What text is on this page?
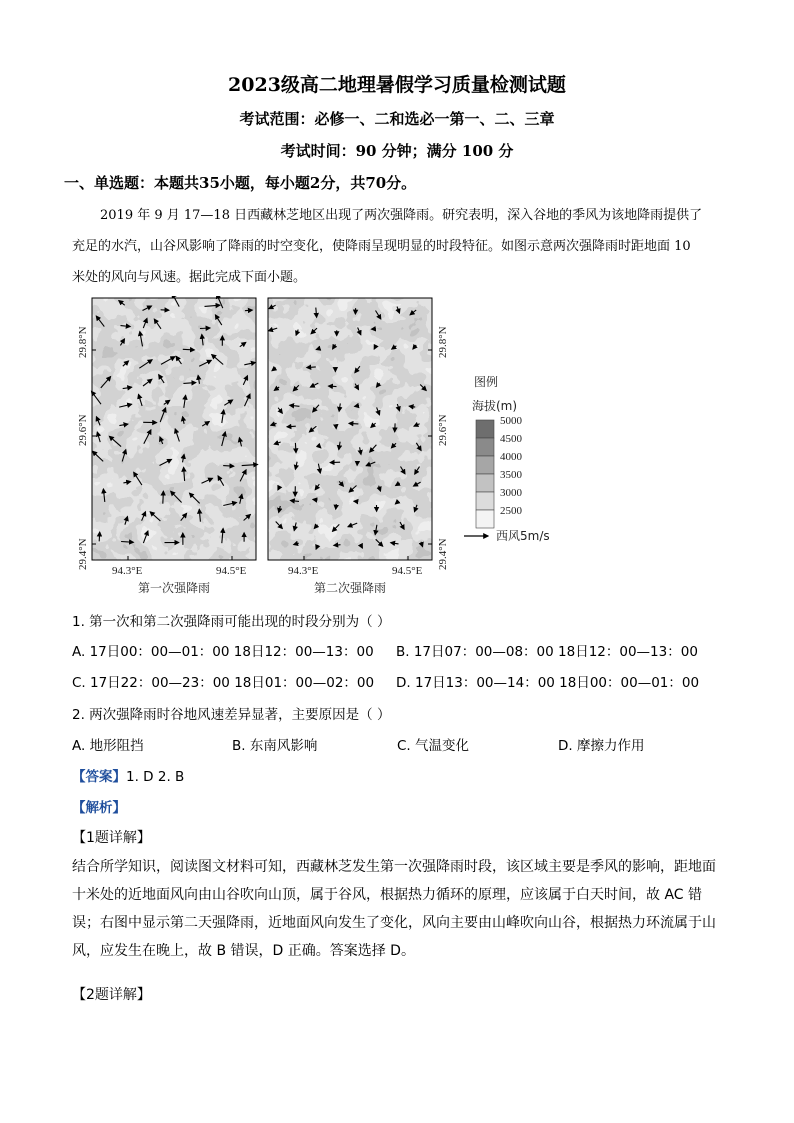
2023级高二地理暑假学习质量检测试题
考试范围：必修一、二和选必一第一、二、三章
考试时间：90 分钟；满分 100 分
一、单选题：本题共35小题，每小题2分，共70分。
2019 年 9 月 17—18 日西藏林芝地区出现了两次强降雨。研究表明，深入谷地的季风为该地降雨提供了
充足的水汽，山谷风影响了降雨的时空变化，使降雨呈现明显的时段特征。如图示意两次强降雨时距地面 10
米处的风向与风速。据此完成下面小题。
29.8°N
29.6°N
29.4°N
29.8°N
29.6°N
29.4°N
94.3°E	94.5°E	94.3°E	94.5°E
第一次强降雨	第二次强降雨
图例
海拔(m)
5000
4500
4000
3500
3000
2500
西风5m/s
1. 第一次和第二次强降雨可能出现的时段分别为（ ）
A. 17日00：00—01：00 18日12：00—13：00 B. 17日07：00—08：00 18日12：00—13：00
C. 17日22：00—23：00 18日01：00—02：00 D. 17日13：00—14：00 18日00：00—01：00
2. 两次强降雨时谷地风速差异显著，主要原因是（ ）
A. 地形阻挡	B. 东南风影响	C. 气温变化	D. 摩擦力作用
【答案】1. D 2. B
【解析】
【1题详解】
结合所学知识，阅读图文材料可知，西藏林芝发生第一次强降雨时段，该区域主要是季风的影响，距地面
十米处的近地面风向由山谷吹向山顶，属于谷风，根据热力循环的原理，应该属于白天时间，故 AC 错
误；右图中显示第二天强降雨，近地面风向发生了变化，风向主要由山峰吹向山谷，根据热力环流属于山
风，应发生在晚上，故 B 错误，D 正确。答案选择 D。
【2题详解】
